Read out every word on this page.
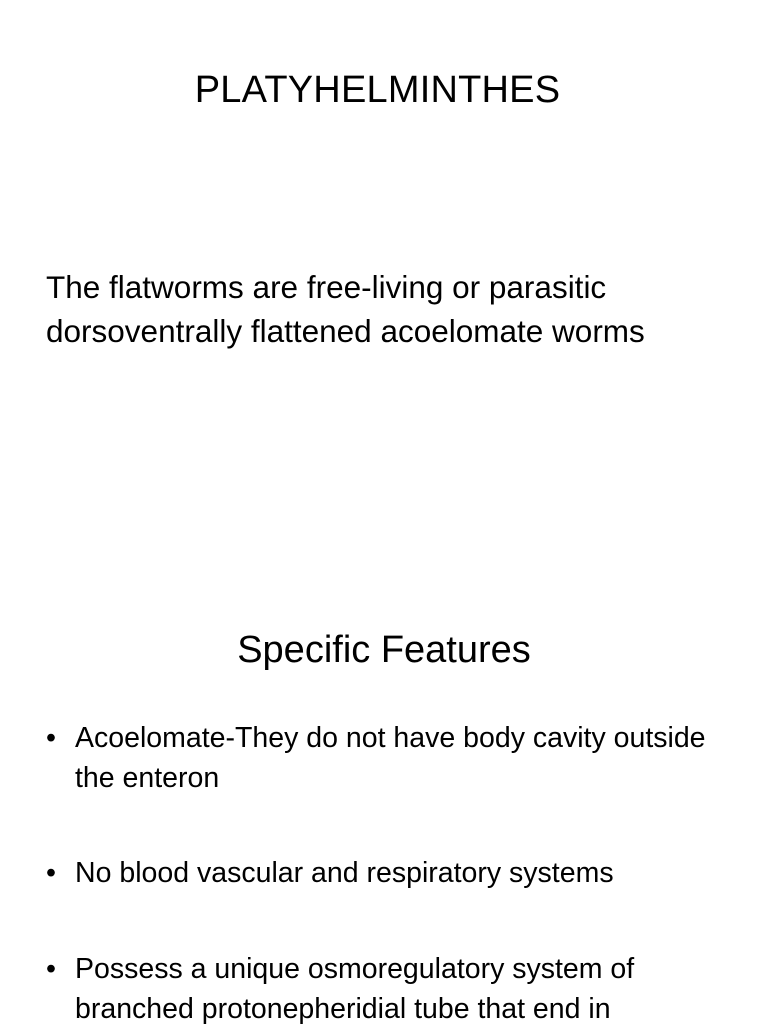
PLATYHELMINTHES
The flatworms are free-living or parasitic dorsoventrally flattened acoelomate worms
Specific Features
• Acoelomate-They do not have body cavity outside the enteron
• No blood vascular and respiratory systems
• Possess a unique osmoregulatory system of branched protonepheridial tube that end in
